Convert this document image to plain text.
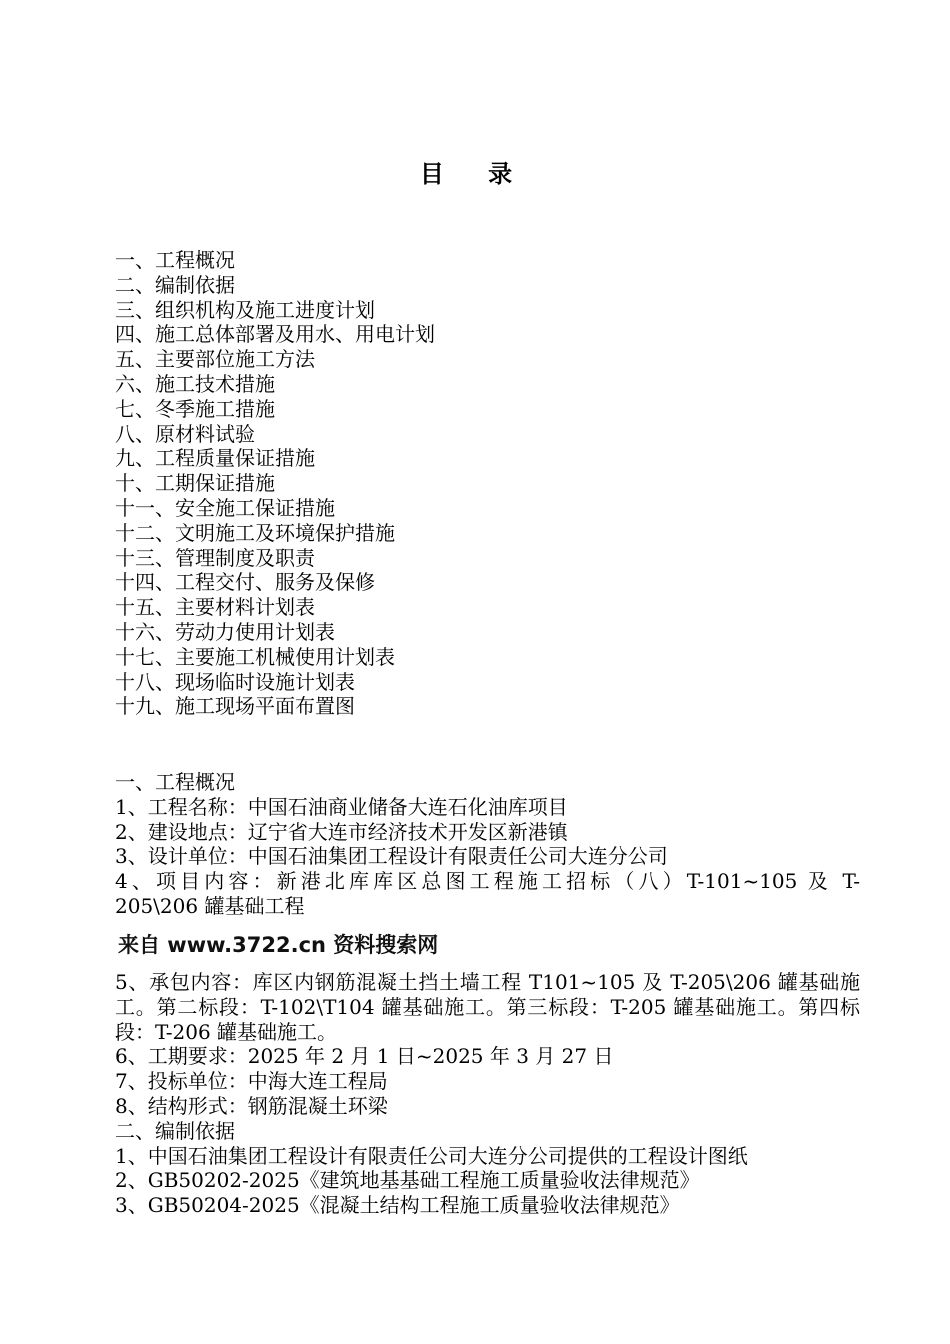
目 录
一、工程概况
二、编制依据
三、组织机构及施工进度计划
四、施工总体部署及用水、用电计划
五、主要部位施工方法
六、施工技术措施
七、冬季施工措施
八、原材料试验
九、工程质量保证措施
十、工期保证措施
十一、安全施工保证措施
十二、文明施工及环境保护措施
十三、管理制度及职责
十四、工程交付、服务及保修
十五、主要材料计划表
十六、劳动力使用计划表
十七、主要施工机械使用计划表
十八、现场临时设施计划表
十九、施工现场平面布置图
一、工程概况
1、工程名称：中国石油商业储备大连石化油库项目
2、建设地点：辽宁省大连市经济技术开发区新港镇
3、设计单位：中国石油集团工程设计有限责任公司大连分公司
4、项目内容：新港北库库区总图工程施工招标（八）T-101~105 及 T-
205\206 罐基础工程
来自 www.3722.cn 资料搜索网
5、承包内容：库区内钢筋混凝土挡土墙工程 T101~105 及 T-205\206 罐基础施工。第二标段：T-102\T104 罐基础施工。第三标段：T-205 罐基础施工。第四标段：T-206 罐基础施工。
6、工期要求：2025 年 2 月 1 日~2025 年 3 月 27 日
7、投标单位：中海大连工程局
8、结构形式：钢筋混凝土环梁
二、编制依据
1、中国石油集团工程设计有限责任公司大连分公司提供的工程设计图纸
2、GB50202-2025《建筑地基基础工程施工质量验收法律规范》
3、GB50204-2025《混凝土结构工程施工质量验收法律规范》
